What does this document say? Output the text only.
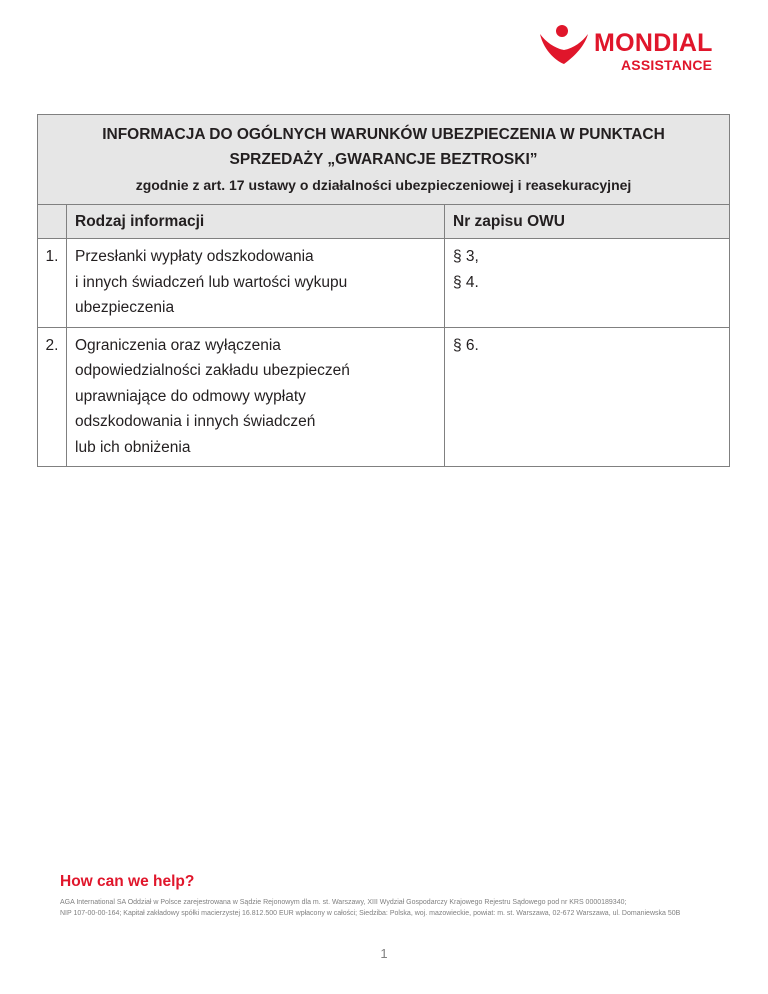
MONDIAL
ASSISTANCE
INFORMACJA DO OGÓLNYCH WARUNKÓW UBEZPIECZENIA W PUNKTACH
SPRZEDAŻY „GWARANCJE BEZTROSKI”
zgodnie z art. 17 ustawy o działalności ubezpieczeniowej i reasekuracyjnej		

	Rodzaj informacji	Nr zapisu OWU
1.	Przesłanki wypłaty odszkodowania
i innych świadczeń lub wartości wykupu
ubezpieczenia	§ 3,
§ 4.

2.	Ograniczenia oraz wyłączenia
odpowiedzialności zakładu ubezpieczeń
uprawniające do odmowy wypłaty
odszkodowania i innych świadczeń
lub ich obniżenia	§ 6.
How can we help?
AGA International SA Oddział w Polsce zarejestrowana w Sądzie Rejonowym dla m. st. Warszawy, XIII Wydział Gospodarczy Krajowego Rejestru Sądowego pod nr KRS 0000189340;
NIP 107-00-00-164; Kapitał zakładowy spółki macierzystej 16.812.500 EUR wpłacony w całości; Siedziba: Polska, woj. mazowieckie, powiat: m. st. Warszawa, 02-672 Warszawa, ul. Domaniewska 50B
1
